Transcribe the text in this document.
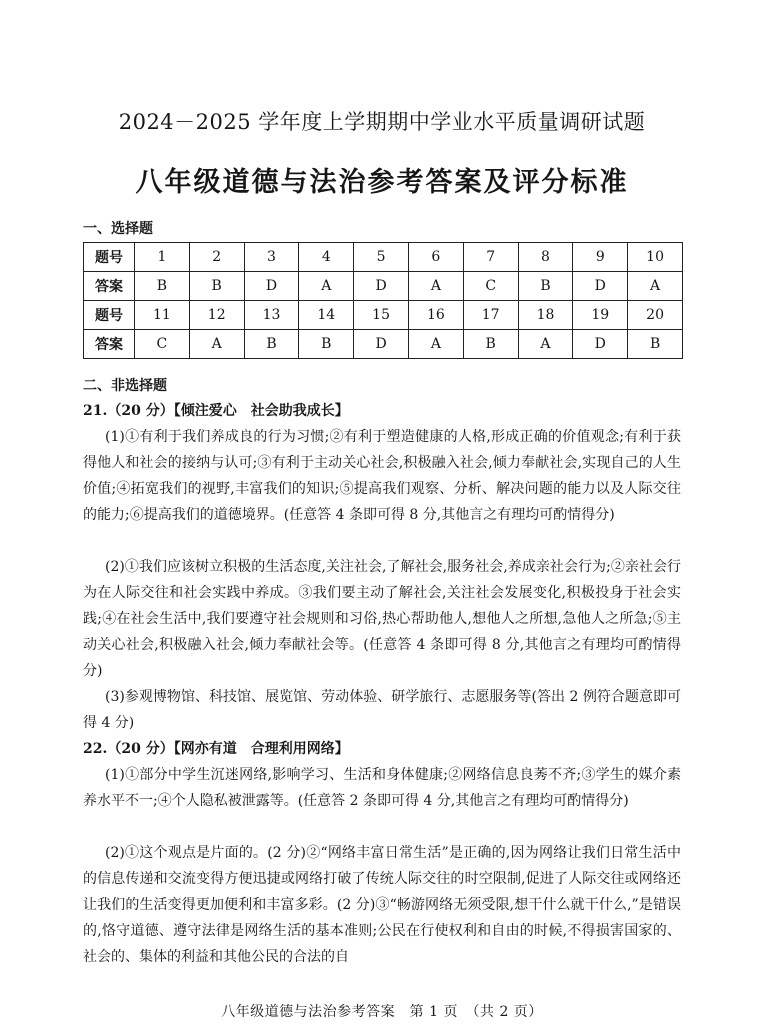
2024－2025 学年度上学期期中学业水平质量调研试题
八年级道德与法治参考答案及评分标准
一、选择题
题号	1	2	3	4	5	6	7	8	9	10
答案	B	B	D	A	D	A	C	B	D	A
题号	11	12	13	14	15	16	17	18	19	20
答案	C	A	B	B	D	A	B	A	D	B
二、非选择题
21.（20 分）【倾注爱心　社会助我成长】
(1)①有利于我们养成良的行为习惯;②有利于塑造健康的人格,形成正确的价值观念;有利于获得他人和社会的接纳与认可;③有利于主动关心社会,积极融入社会,倾力奉献社会,实现自己的人生价值;④拓宽我们的视野,丰富我们的知识;⑤提高我们观察、分析、解决问题的能力以及人际交往的能力;⑥提高我们的道德境界。(任意答 4 条即可得 8 分,其他言之有理均可酌情得分)
(2)①我们应该树立积极的生活态度,关注社会,了解社会,服务社会,养成亲社会行为;②亲社会行为在人际交往和社会实践中养成。③我们要主动了解社会,关注社会发展变化,积极投身于社会实践;④在社会生活中,我们要遵守社会规则和习俗,热心帮助他人,想他人之所想,急他人之所急;⑤主动关心社会,积极融入社会,倾力奉献社会等。(任意答 4 条即可得 8 分,其他言之有理均可酌情得分)
(3)参观博物馆、科技馆、展览馆、劳动体验、研学旅行、志愿服务等(答出 2 例符合题意即可得 4 分)
22.（20 分）【网亦有道　合理利用网络】
(1)①部分中学生沉迷网络,影响学习、生活和身体健康;②网络信息良莠不齐;③学生的媒介素养水平不一;④个人隐私被泄露等。(任意答 2 条即可得 4 分,其他言之有理均可酌情得分)
(2)①这个观点是片面的。(2 分)②“网络丰富日常生活”是正确的,因为网络让我们日常生活中的信息传递和交流变得方便迅捷或网络打破了传统人际交往的时空限制,促进了人际交往或网络还让我们的生活变得更加便利和丰富多彩。(2 分)③“畅游网络无须受限,想干什么就干什么,”是错误的,恪守道德、遵守法律是网络生活的基本准则;公民在行使权利和自由的时候,不得损害国家的、社会的、集体的利益和其他公民的合法的自
八年级道德与法治参考答案　第 1 页　（共 2 页）
